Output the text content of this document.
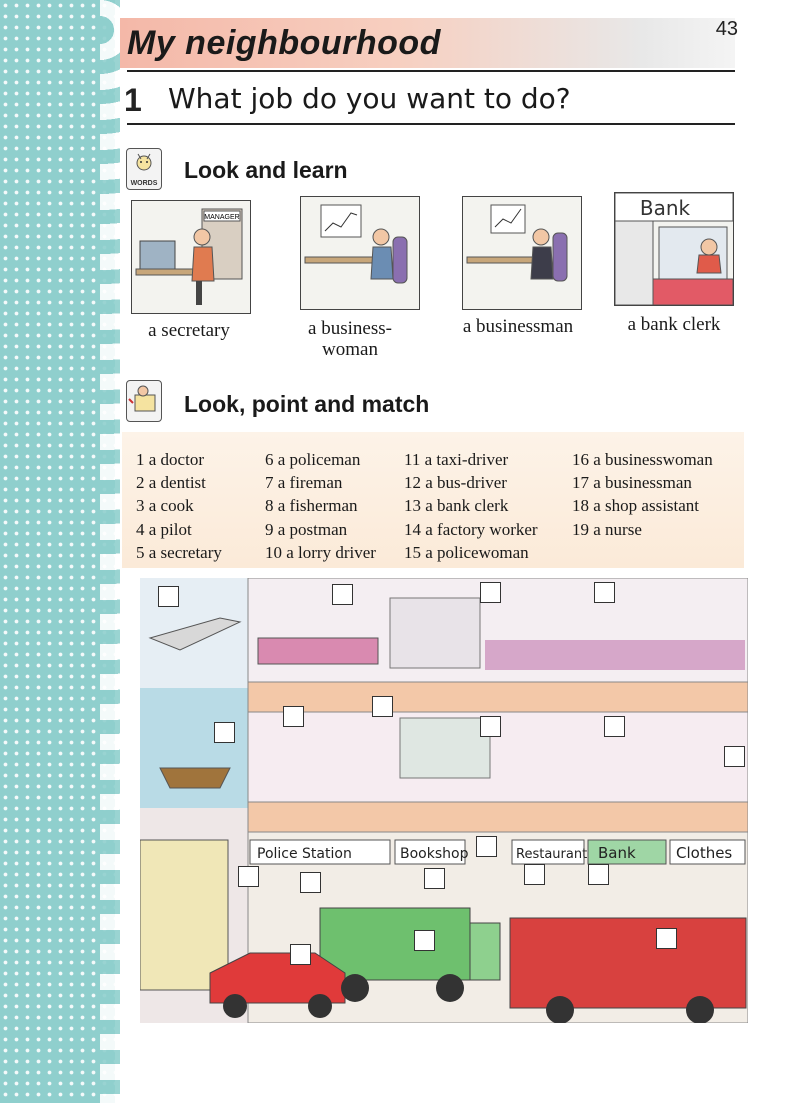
43
My neighbourhood
1 What job do you want to do?
WORDS
Look and learn
MANAGER	Bank
a secretary	a business-
woman
a businessman	a bank clerk
Look, point and match
1 a doctor
2 a dentist
3 a cook
4 a pilot
5 a secretary
6 a policeman
7 a fireman
8 a fisherman
9 a postman
10 a lorry driver
11 a taxi-driver
12 a bus-driver
13 a bank clerk
14 a factory worker
15 a policewoman
16 a businesswoman
17 a businessman
18 a shop assistant
19 a nurse
Police Station	Bookshop	Restaurant Bank	Clothes
